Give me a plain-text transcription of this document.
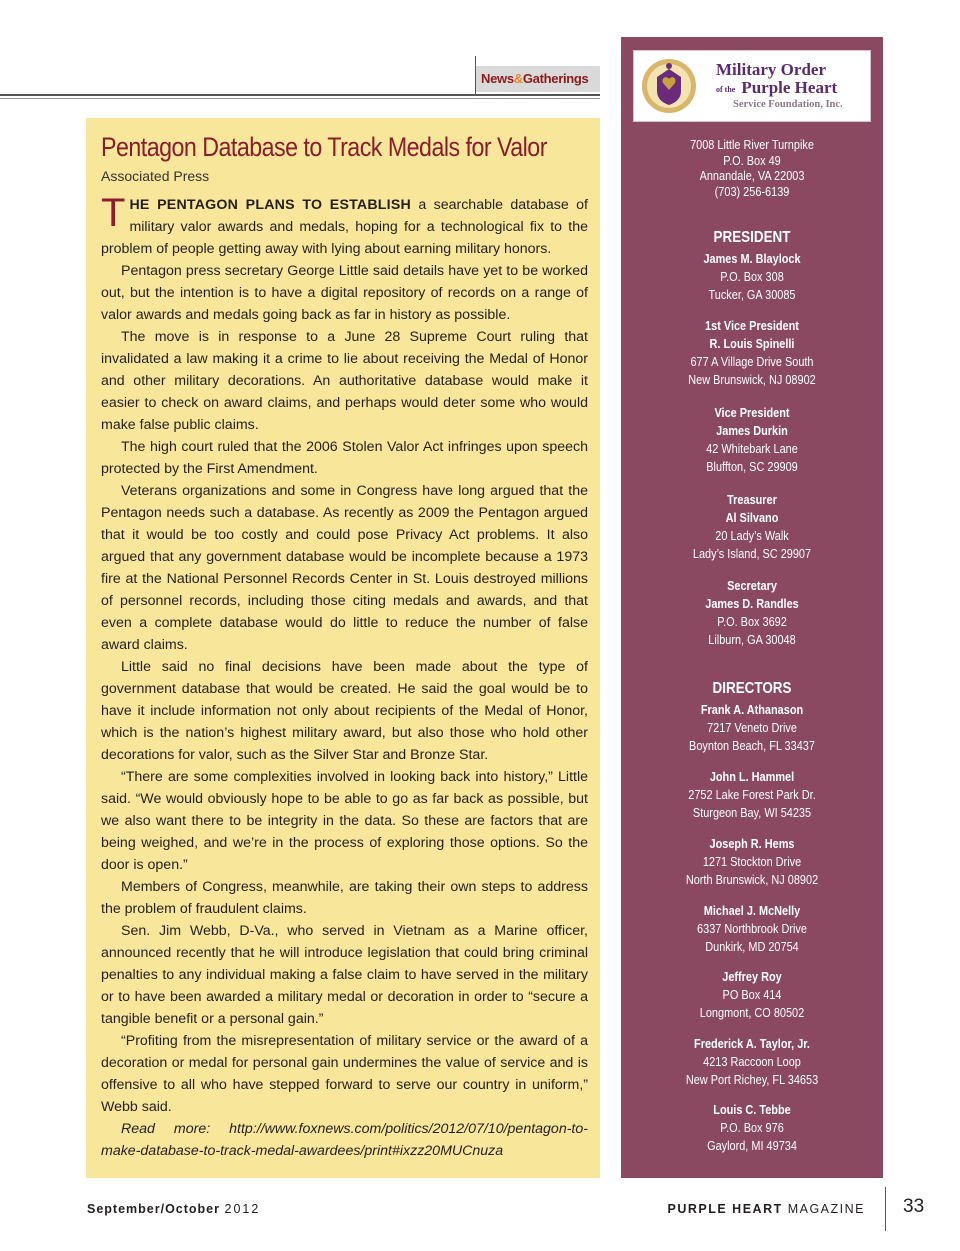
News&Gatherings
Pentagon Database to Track Medals for Valor
Associated Press

THE PENTAGON PLANS TO ESTABLISH a searchable database of military valor awards and medals, hoping for a technological fix to the problem of people getting away with lying about earning military honors.

Pentagon press secretary George Little said details have yet to be worked out, but the intention is to have a digital repository of records on a range of valor awards and medals going back as far in history as possible.

The move is in response to a June 28 Supreme Court ruling that invalidated a law making it a crime to lie about receiving the Medal of Honor and other military decorations. An authoritative database would make it easier to check on award claims, and perhaps would deter some who would make false public claims.

The high court ruled that the 2006 Stolen Valor Act infringes upon speech protected by the First Amendment.

Veterans organizations and some in Congress have long argued that the Pentagon needs such a database. As recently as 2009 the Pentagon argued that it would be too costly and could pose Privacy Act problems. It also argued that any government database would be incomplete because a 1973 fire at the National Personnel Records Center in St. Louis destroyed millions of personnel records, including those citing medals and awards, and that even a complete database would do little to reduce the number of false award claims.

Little said no final decisions have been made about the type of government database that would be created. He said the goal would be to have it include information not only about recipients of the Medal of Honor, which is the nation’s highest military award, but also those who hold other decorations for valor, such as the Silver Star and Bronze Star.

“There are some complexities involved in looking back into history,” Little said. “We would obviously hope to be able to go as far back as possible, but we also want there to be integrity in the data. So these are factors that are being weighed, and we’re in the process of exploring those options. So the door is open.”

Members of Congress, meanwhile, are taking their own steps to address the problem of fraudulent claims.

Sen. Jim Webb, D-Va., who served in Vietnam as a Marine officer, announced recently that he will introduce legislation that could bring criminal penalties to any individual making a false claim to have served in the military or to have been awarded a military medal or decoration in order to “secure a tangible benefit or a personal gain.”

“Profiting from the misrepresentation of military service or the award of a decoration or medal for personal gain undermines the value of service and is offensive to all who have stepped forward to serve our country in uniform,” Webb said.

Read more: http://www.foxnews.com/politics/2012/07/10/pentagon-to-make-database-to-track-medal-awardees/print#ixzz20MUCnuza

Military Order
of the Purple Heart
Service Foundation, Inc.
7008 Little River Turnpike
P.O. Box 49
Annandale, VA 22003
(703) 256-6139
PRESIDENT
James M. Blaylock
P.O. Box 308
Tucker, GA 30085
1st Vice President
R. Louis Spinelli
677 A Village Drive South
New Brunswick, NJ 08902
Vice President
James Durkin
42 Whitebark Lane
Bluffton, SC 29909
Treasurer
Al Silvano
20 Lady’s Walk
Lady’s Island, SC 29907
Secretary
James D. Randles
P.O. Box 3692
Lilburn, GA 30048
DIRECTORS
Frank A. Athanason
7217 Veneto Drive
Boynton Beach, FL 33437
John L. Hammel
2752 Lake Forest Park Dr.
Sturgeon Bay, WI 54235
Joseph R. Hems
1271 Stockton Drive
North Brunswick, NJ 08902
Michael J. McNelly
6337 Northbrook Drive
Dunkirk, MD 20754
Jeffrey Roy
PO Box 414
Longmont, CO 80502
Frederick A. Taylor, Jr.
4213 Raccoon Loop
New Port Richey, FL 34653
Louis C. Tebbe
P.O. Box 976
Gaylord, MI 49734
September/October 2012	PURPLE HEART MAGAZINE 33
